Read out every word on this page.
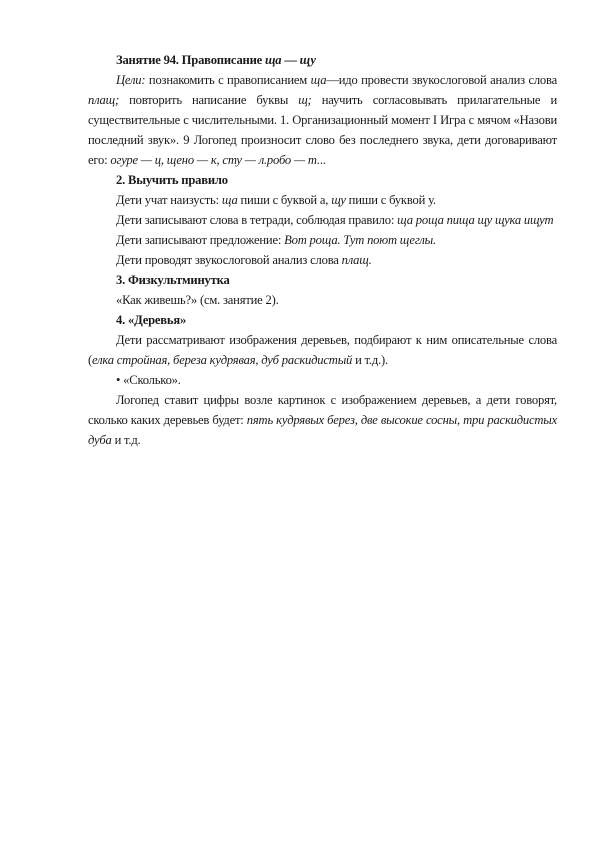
Занятие 94. Правописание ща — щу

Цели: познакомить с правописанием ща—идо провести звукослоговой анализ слова плащ; повторить написание буквы щ; научить согласовывать прилагательные и существительные с числительными. 1. Организационный момент I Игра с мячом «Назови последний звук». 9 Логопед произносит слово без последнего звука, дети договаривают его: огуре — ц, щено — к, сту — л.робо — т...

2. Выучить правило

Дети учат наизусть: ща пиши с буквой а, щу пиши с буквой у.

Дети записывают слова в тетради, соблюдая правило: ща роща пища щу щука ищут

Дети записывают предложение: Вот роща. Тут поют щеглы.

Дети проводят звукослоговой анализ слова плащ.

3. Физкультминутка

«Как живешь?» (см. занятие 2).

4. «Деревья»

Дети рассматривают изображения деревьев, подбирают к ним описательные слова (елка стройная, береза кудрявая, дуб раскидистый и т.д.).

• «Сколько».

Логопед ставит цифры возле картинок с изображением деревьев, а дети говорят, сколько каких деревьев будет: пять кудрявых берез, две высокие сосны, три раскидистых дуба и т.д.
